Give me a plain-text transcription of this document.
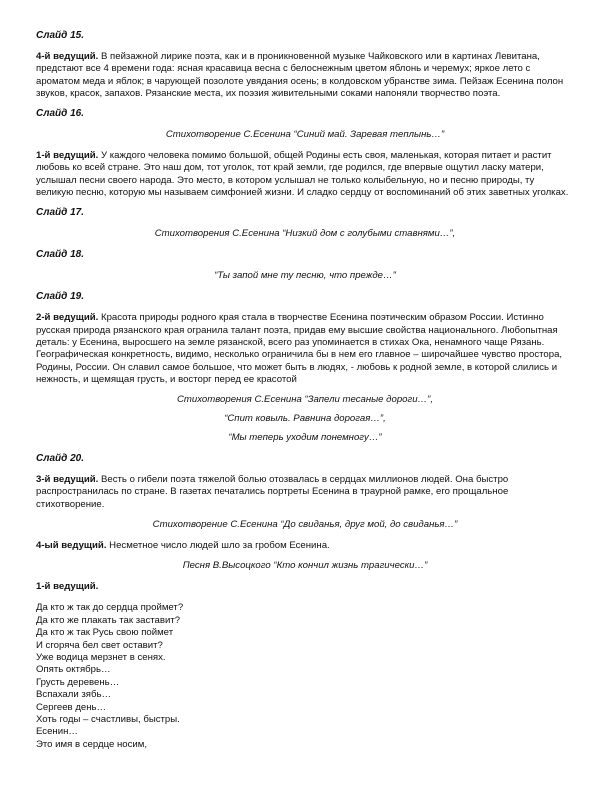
Слайд 15.
4-й ведущий. В пейзажной лирике поэта, как и в проникновенной музыке Чайковского или в картинах Левитана, предстают все 4 времени года: ясная красавица весна с белоснежным цветом яблонь и черемух; яркое лето с ароматом меда и яблок; в чарующей позолоте увядания осень; в колдовском убранстве зима. Пейзаж Есенина полон звуков, красок, запахов. Рязанские места, их поэзия живительными соками напоняли творчество поэта.
Слайд 16.
Стихотворение С.Есенина “Синий май. Заревая теплынь…”
1-й ведущий. У каждого человека помимо большой, общей Родины есть своя, маленькая, которая питает и растит любовь ко всей стране. Это наш дом, тот уголок, тот край земли, где родился, где впервые ощутил ласку матери, услышал песни своего народа. Это место, в котором услышал не только колыбельную, но и песню природы, ту великую песню, которую мы называем симфонией жизни. И сладко сердцу от воспоминаний об этих заветных уголках.
Слайд 17.
Стихотворения С.Есенина “Низкий дом с голубыми ставнями…”,
Слайд 18.
“Ты запой мне ту песню, что прежде…”
Слайд 19.
2-й ведущий. Красота природы родного края стала в творчестве Есенина поэтическим образом России. Истинно русская природа рязанского края огранила талант поэта, придав ему высшие свойства национального. Любопытная деталь: у Есенина, выросшего на земле рязанской, всего раз упоминается в стихах Ока, ненамного чаще Рязань. Географическая конкретность, видимо, несколько ограничила бы в нем его главное – широчайшее чувство простора, Родины, России. Он славил самое большое, что может быть в людях, - любовь к родной земле, в которой слились и нежность, и щемящая грусть, и восторг перед ее красотой
Стихотворения С.Есенина “Запели тесаные дороги…”,
“Спит ковыль. Равнина дорогая…”,
“Мы теперь уходим понемногу…”
Слайд 20.
3-й ведущий. Весть о гибели поэта тяжелой болью отозвалась в сердцах миллионов людей. Она быстро распространилась по стране. В газетах печатались портреты Есенина в траурной рамке, его прощальное стихотворение.
Стихотворение С.Есенина “До свиданья, друг мой, до свиданья…”
4-ый ведущий. Несметное число людей шло за гробом Есенина.
Песня В.Высоцкого “Кто кончил жизнь трагически…”
1-й ведущий.
Да кто ж так до сердца проймет?
Да кто же плакать так заставит?
Да кто ж так Русь свою поймет
И сгоряча бел свет оставит?
Уже водица мерзнет в сенях.
Опять октябрь…
Грусть деревень…
Вспахали зябь…
Сергеев день…
Хоть годы – счастливы, быстры.
Есенин…
Это имя в сердце носим,
